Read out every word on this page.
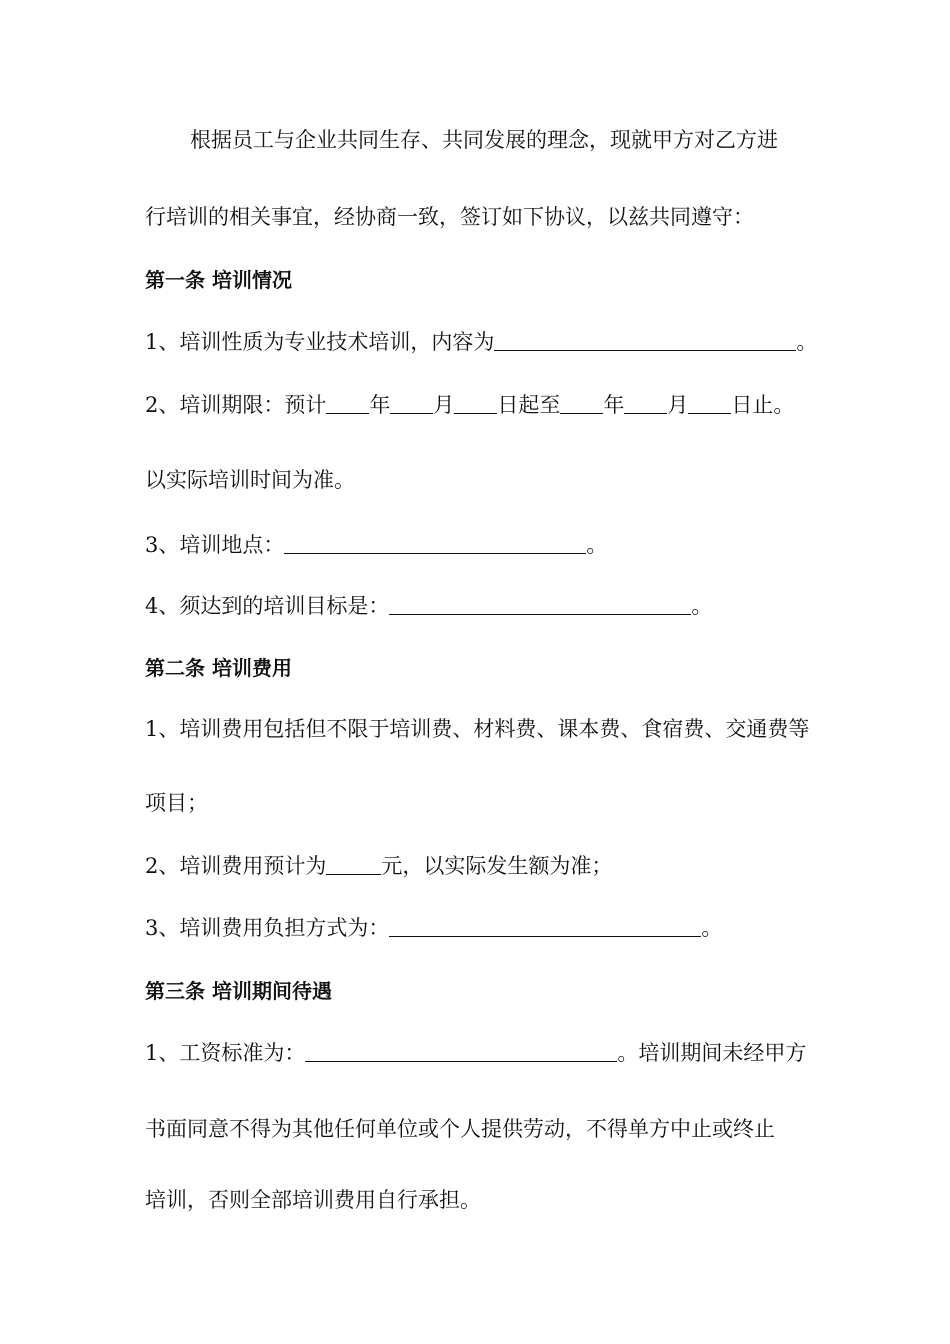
根据员工与企业共同生存、共同发展的理念，现就甲方对乙方进
行培训的相关事宜，经协商一致，签订如下协议，以兹共同遵守：
第一条 培训情况
1、培训性质为专业技术培训，内容为	。
2、培训期限：预计 年 月 日起至 年 月 日止。
以实际培训时间为准。
3、培训地点：	。
4、须达到的培训目标是：	。
第二条 培训费用
1、培训费用包括但不限于培训费、材料费、课本费、食宿费、交通费等
项目；
2、培训费用预计为	元，以实际发生额为准；
3、培训费用负担方式为：	。
第三条 培训期间待遇
1、工资标准为：	。培训期间未经甲方
书面同意不得为其他任何单位或个人提供劳动，不得单方中止或终止
培训，否则全部培训费用自行承担。
